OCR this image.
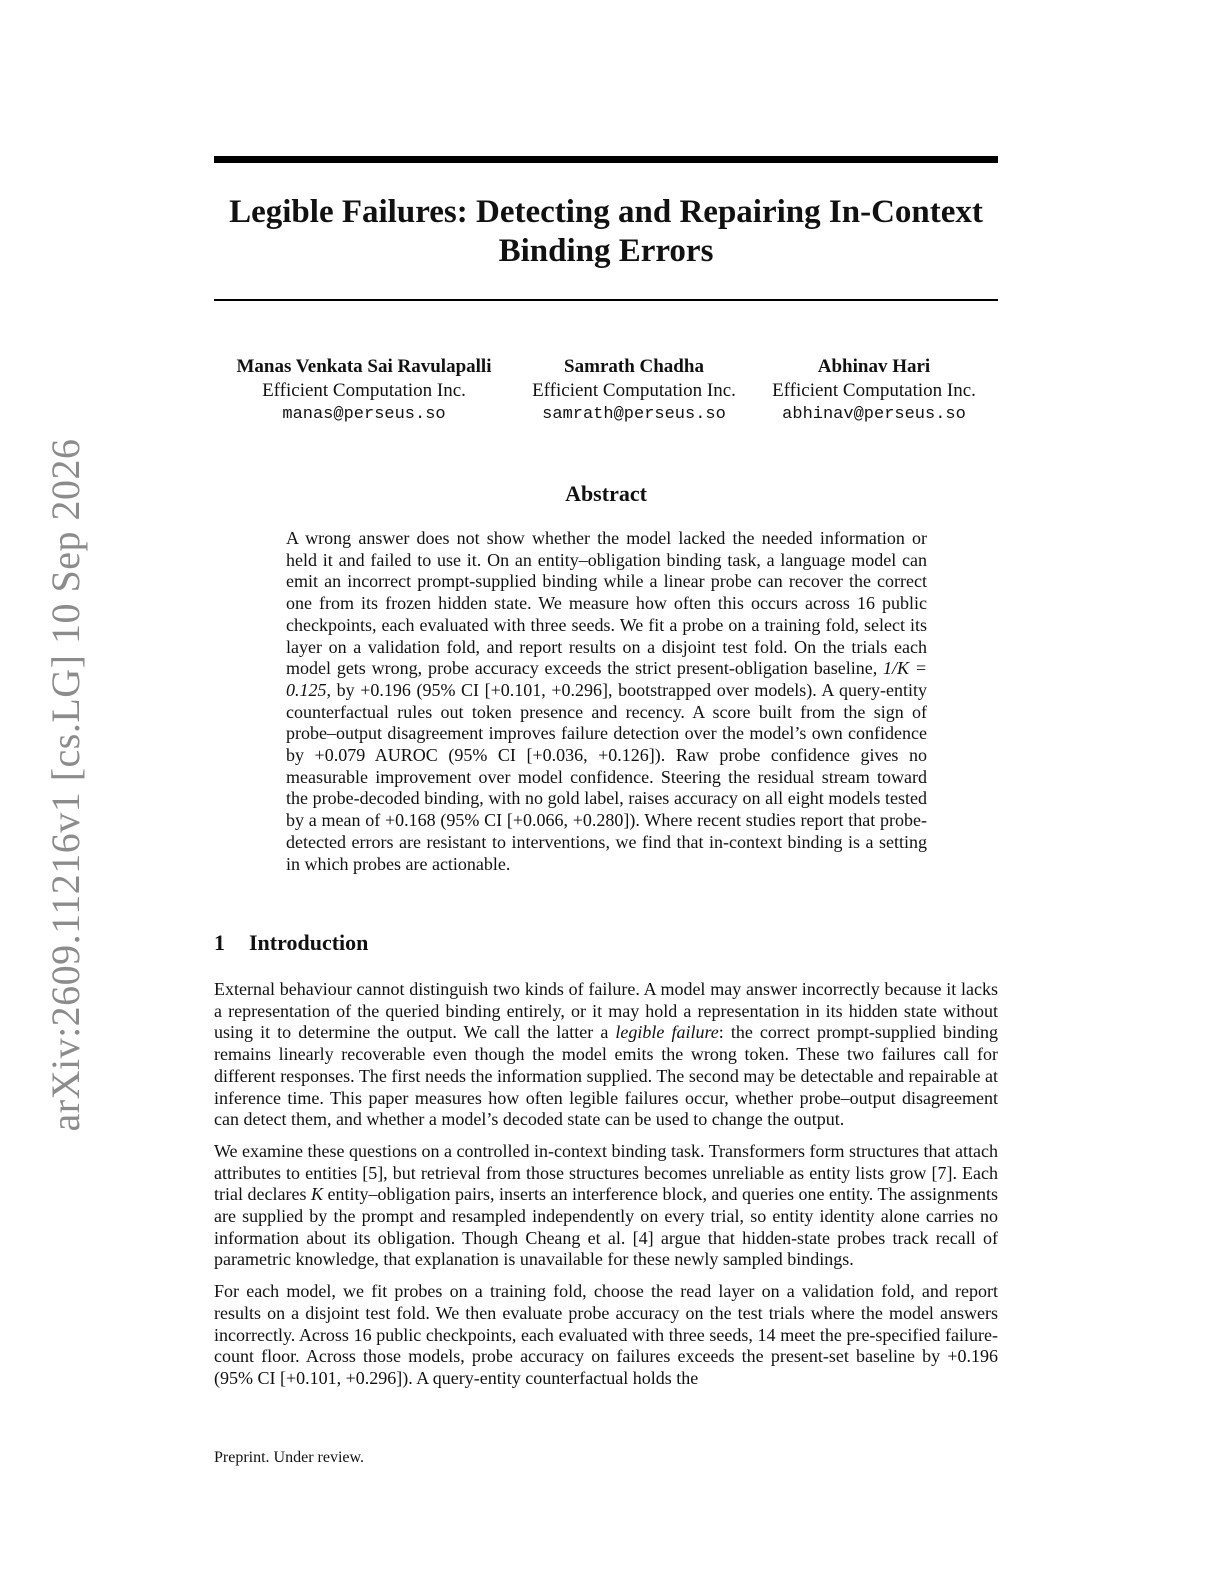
arXiv:2609.11216v1 [cs.LG] 10 Sep 2026
Legible Failures: Detecting and Repairing In-Context Binding Errors
Manas Venkata Sai Ravulapalli
Efficient Computation Inc.
manas@perseus.so
Samrath Chadha
Efficient Computation Inc.
samrath@perseus.so
Abhinav Hari
Efficient Computation Inc.
abhinav@perseus.so
Abstract
A wrong answer does not show whether the model lacked the needed information or held it and failed to use it. On an entity–obligation binding task, a language model can emit an incorrect prompt-supplied binding while a linear probe can recover the correct one from its frozen hidden state. We measure how often this occurs across 16 public checkpoints, each evaluated with three seeds. We fit a probe on a training fold, select its layer on a validation fold, and report results on a disjoint test fold. On the trials each model gets wrong, probe accuracy exceeds the strict present-obligation baseline, 1/K = 0.125, by +0.196 (95% CI [+0.101, +0.296], bootstrapped over models). A query-entity counterfactual rules out token presence and recency. A score built from the sign of probe–output disagreement improves failure detection over the model’s own confidence by +0.079 AUROC (95% CI [+0.036, +0.126]). Raw probe confidence gives no measurable improvement over model confidence. Steering the residual stream toward the probe-decoded binding, with no gold label, raises accuracy on all eight models tested by a mean of +0.168 (95% CI [+0.066, +0.280]). Where recent studies report that probe-detected errors are resistant to interventions, we find that in-context binding is a setting in which probes are actionable.
1 Introduction

External behaviour cannot distinguish two kinds of failure. A model may answer incorrectly because it lacks a representation of the queried binding entirely, or it may hold a representation in its hidden state without using it to determine the output. We call the latter a legible failure: the correct prompt-supplied binding remains linearly recoverable even though the model emits the wrong token. These two failures call for different responses. The first needs the information supplied. The second may be detectable and repairable at inference time. This paper measures how often legible failures occur, whether probe–output disagreement can detect them, and whether a model’s decoded state can be used to change the output.

We examine these questions on a controlled in-context binding task. Transformers form structures that attach attributes to entities [5], but retrieval from those structures becomes unreliable as entity lists grow [7]. Each trial declares K entity–obligation pairs, inserts an interference block, and queries one entity. The assignments are supplied by the prompt and resampled independently on every trial, so entity identity alone carries no information about its obligation. Though Cheang et al. [4] argue that hidden-state probes track recall of parametric knowledge, that explanation is unavailable for these newly sampled bindings.

For each model, we fit probes on a training fold, choose the read layer on a validation fold, and report results on a disjoint test fold. We then evaluate probe accuracy on the test trials where the model answers incorrectly. Across 16 public checkpoints, each evaluated with three seeds, 14 meet the pre-specified failure-count floor. Across those models, probe accuracy on failures exceeds the present-set baseline by +0.196 (95% CI [+0.101, +0.296]). A query-entity counterfactual holds the

Preprint. Under review.
